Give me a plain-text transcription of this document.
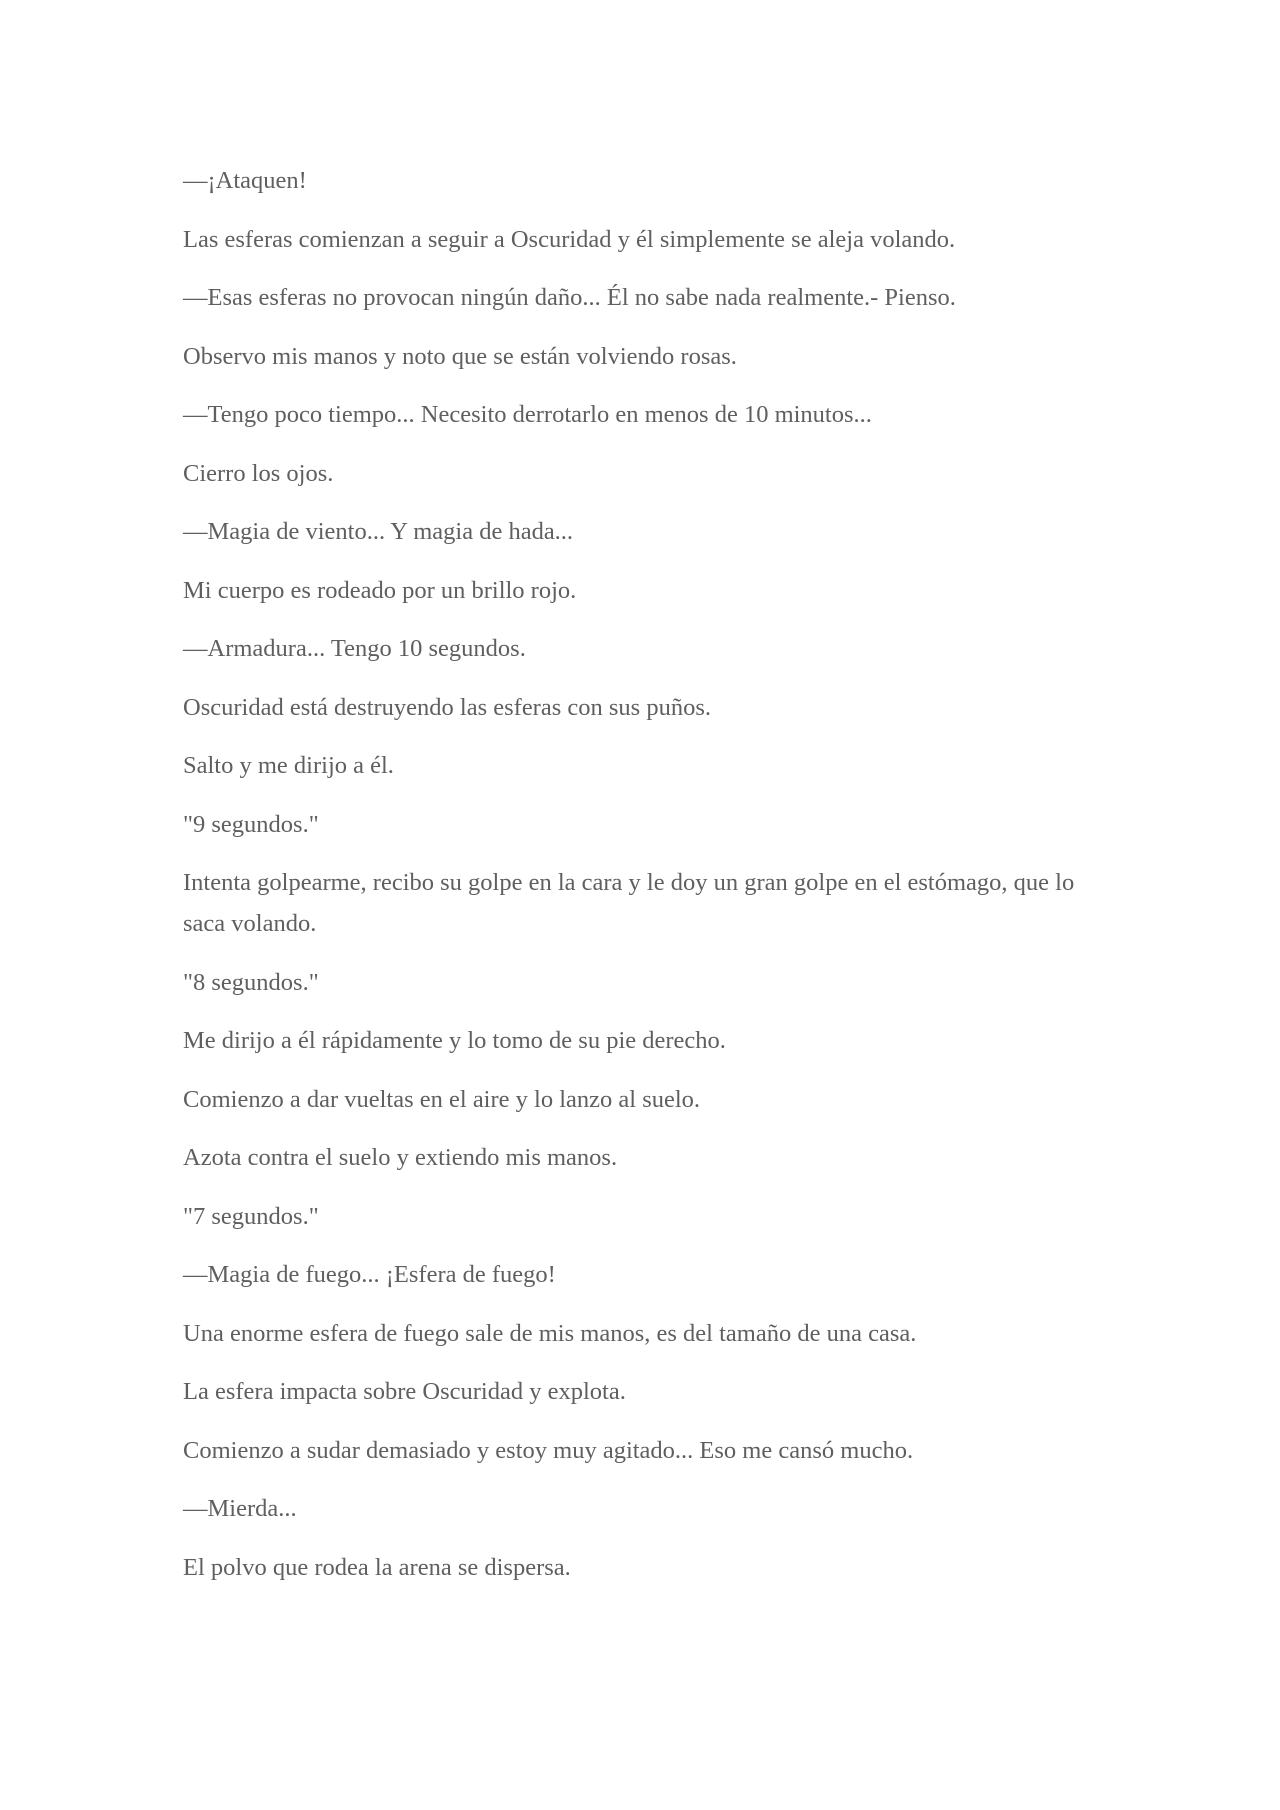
—¡Ataquen!

Las esferas comienzan a seguir a Oscuridad y él simplemente se aleja volando.

—Esas esferas no provocan ningún daño... Él no sabe nada realmente.- Pienso.

Observo mis manos y noto que se están volviendo rosas.

—Tengo poco tiempo... Necesito derrotarlo en menos de 10 minutos...

Cierro los ojos.

—Magia de viento... Y magia de hada...

Mi cuerpo es rodeado por un brillo rojo.

—Armadura... Tengo 10 segundos.

Oscuridad está destruyendo las esferas con sus puños.

Salto y me dirijo a él.

"9 segundos."

Intenta golpearme, recibo su golpe en la cara y le doy un gran golpe en el estómago, que lo saca volando.

"8 segundos."

Me dirijo a él rápidamente y lo tomo de su pie derecho.

Comienzo a dar vueltas en el aire y lo lanzo al suelo.

Azota contra el suelo y extiendo mis manos.

"7 segundos."

—Magia de fuego... ¡Esfera de fuego!

Una enorme esfera de fuego sale de mis manos, es del tamaño de una casa.

La esfera impacta sobre Oscuridad y explota.

Comienzo a sudar demasiado y estoy muy agitado... Eso me cansó mucho.

—Mierda...

El polvo que rodea la arena se dispersa.
